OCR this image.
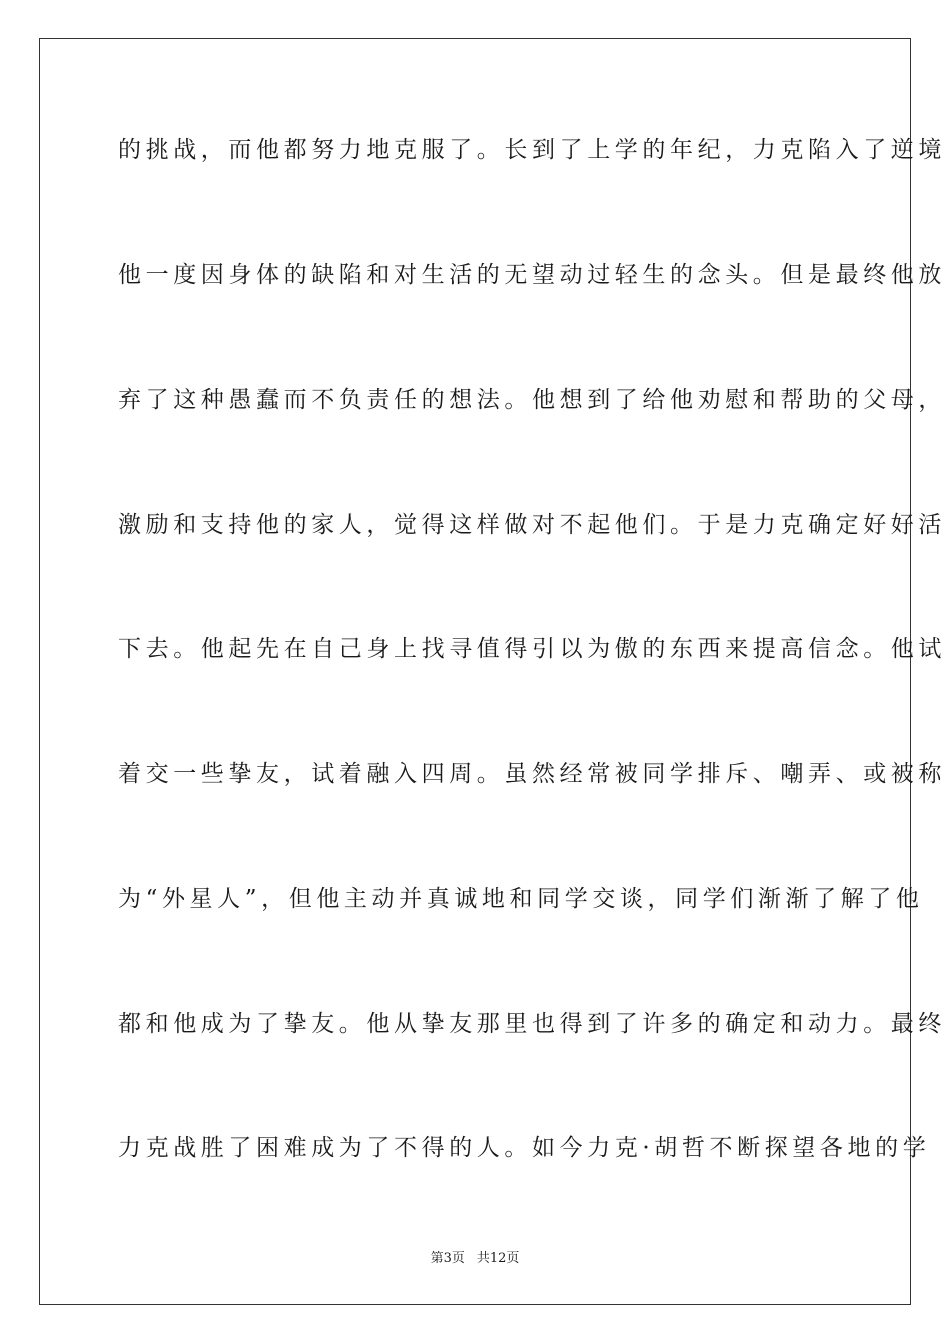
的挑战，而他都努力地克服了。长到了上学的年纪，力克陷入了逆境
他一度因身体的缺陷和对生活的无望动过轻生的念头。但是最终他放
弃了这种愚蠢而不负责任的想法。他想到了给他劝慰和帮助的父母，
激励和支持他的家人，觉得这样做对不起他们。于是力克确定好好活
下去。他起先在自己身上找寻值得引以为傲的东西来提高信念。他试
着交一些挚友，试着融入四周。虽然经常被同学排斥、嘲弄、或被称
为“外星人”，但他主动并真诚地和同学交谈，同学们渐渐了解了他
都和他成为了挚友。他从挚友那里也得到了许多的确定和动力。最终
力克战胜了困难成为了不得的人。如今力克·胡哲不断探望各地的学
第3页 共12页
